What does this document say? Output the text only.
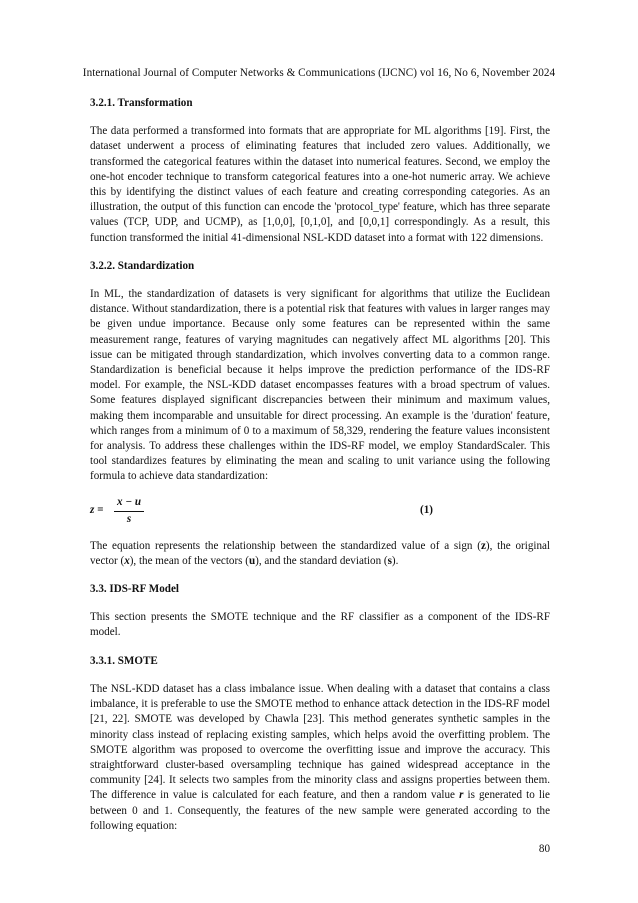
International Journal of Computer Networks & Communications (IJCNC) vol 16, No 6, November 2024
3.2.1. Transformation

The data performed a transformed into formats that are appropriate for ML algorithms [19]. First, the dataset underwent a process of eliminating features that included zero values. Additionally, we transformed the categorical features within the dataset into numerical features. Second, we employ the one-hot encoder technique to transform categorical features into a one-hot numeric array. We achieve this by identifying the distinct values of each feature and creating corresponding categories. As an illustration, the output of this function can encode the 'protocol_type' feature, which has three separate values (TCP, UDP, and UCMP), as [1,0,0], [0,1,0], and [0,0,1] correspondingly. As a result, this function transformed the initial 41-dimensional NSL-KDD dataset into a format with 122 dimensions.

3.2.2. Standardization

In ML, the standardization of datasets is very significant for algorithms that utilize the Euclidean distance. Without standardization, there is a potential risk that features with values in larger ranges may be given undue importance. Because only some features can be represented within the same measurement range, features of varying magnitudes can negatively affect ML algorithms [20]. This issue can be mitigated through standardization, which involves converting data to a common range. Standardization is beneficial because it helps improve the prediction performance of the IDS-RF model. For example, the NSL-KDD dataset encompasses features with a broad spectrum of values. Some features displayed significant discrepancies between their minimum and maximum values, making them incomparable and unsuitable for direct processing. An example is the 'duration' feature, which ranges from a minimum of 0 to a maximum of 58,329, rendering the feature values inconsistent for analysis. To address these challenges within the IDS-RF model, we employ StandardScaler. This tool standardizes features by eliminating the mean and scaling to unit variance using the following formula to achieve data standardization:

$z = \frac{x - u}{s}$	(1)

The equation represents the relationship between the standardized value of a sign (z), the original vector (x), the mean of the vectors (u), and the standard deviation (s).

3.3. IDS-RF Model

This section presents the SMOTE technique and the RF classifier as a component of the IDS-RF model.

3.3.1. SMOTE

The NSL-KDD dataset has a class imbalance issue. When dealing with a dataset that contains a class imbalance, it is preferable to use the SMOTE method to enhance attack detection in the IDS-RF model [21, 22]. SMOTE was developed by Chawla [23]. This method generates synthetic samples in the minority class instead of replacing existing samples, which helps avoid the overfitting problem. The SMOTE algorithm was proposed to overcome the overfitting issue and improve the accuracy. This straightforward cluster-based oversampling technique has gained widespread acceptance in the community [24]. It selects two samples from the minority class and assigns properties between them. The difference in value is calculated for each feature, and then a random value r is generated to lie between 0 and 1. Consequently, the features of the new sample were generated according to the following equation:

80
